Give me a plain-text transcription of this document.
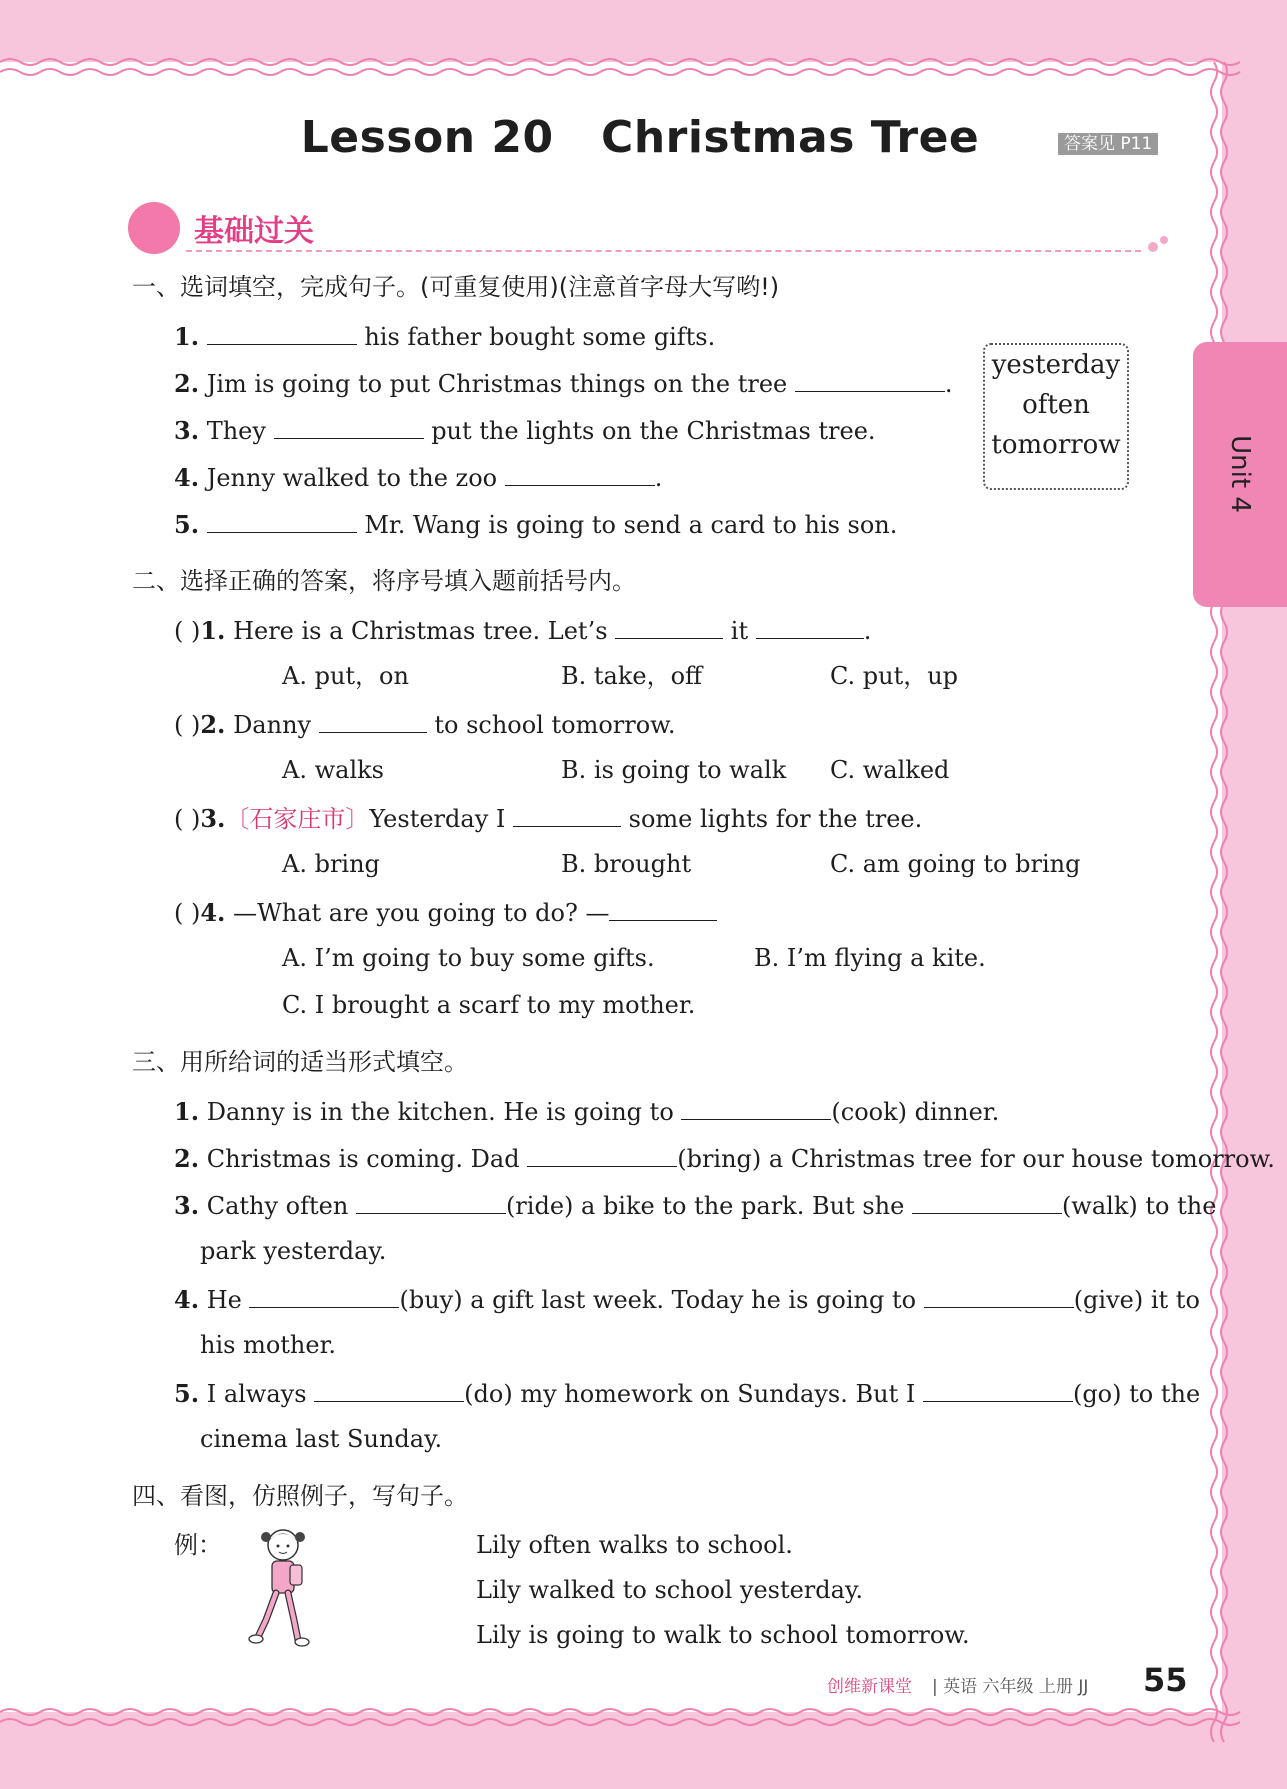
Lesson 20   Christmas Tree	答案见 P11
Unit 4
基础过关
一、选词填空，完成句子。(可重复使用)(注意首字母大写哟!)
1.	his father bought some gifts.
2. Jim is going to put Christmas things on the tree	.
3. They	put the lights on the Christmas tree.
4. Jenny walked to the zoo	.
5.	Mr. Wang is going to send a card to his son.
yesterday
often
tomorrow
二、选择正确的答案，将序号填入题前括号内。
( )1. Here is a Christmas tree. Let’s	it	.
A. put，on	B. take，off	C. put，up
( )2. Danny	to school tomorrow.
A. walks	B. is going to walk C. walked
( )3.〔石家庄市〕Yesterday I	some lights for the tree.
A. bring	B. brought	C. am going to bring
( )4. —What are you going to do? —
A. I’m going to buy some gifts.	B. I’m flying a kite.
C. I brought a scarf to my mother.
三、用所给词的适当形式填空。
1. Danny is in the kitchen. He is going to	(cook) dinner.
2. Christmas is coming. Dad	(bring) a Christmas tree for our house tomorrow.
3. Cathy often	(ride) a bike to the park. But she	(walk) to the
park yesterday.
4. He	(buy) a gift last week. Today he is going to	(give) it to
his mother.
5. I always	(do) my homework on Sundays. But I	(go) to the
cinema last Sunday.
四、看图，仿照例子，写句子。
例：	Lily often walks to school.
Lily walked to school yesterday.
Lily is going to walk to school tomorrow.
创维新课堂 | 英语 六年级 上册 JJ 55
